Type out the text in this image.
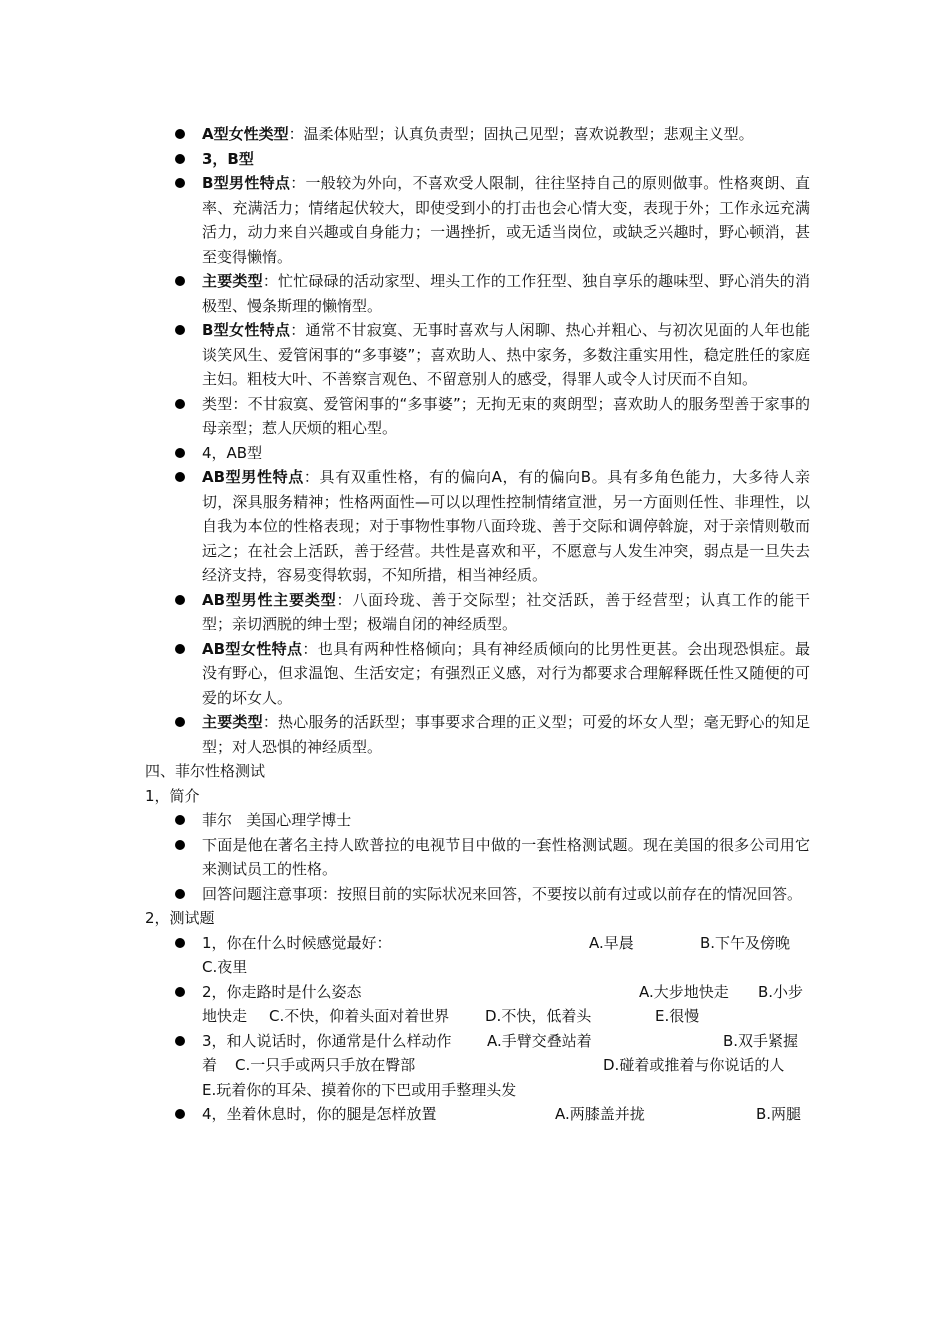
A型女性类型：温柔体贴型；认真负责型；固执己见型；喜欢说教型；悲观主义型。
3，B型
B型男性特点：一般较为外向，不喜欢受人限制，往往坚持自己的原则做事。性格爽朗、直率、充满活力；情绪起伏较大，即使受到小的打击也会心情大变，表现于外；工作永远充满活力，动力来自兴趣或自身能力；一遇挫折，或无适当岗位，或缺乏兴趣时，野心顿消，甚至变得懒惰。
主要类型：忙忙碌碌的活动家型、埋头工作的工作狂型、独自享乐的趣味型、野心消失的消极型、慢条斯理的懒惰型。
B型女性特点：通常不甘寂寞、无事时喜欢与人闲聊、热心并粗心、与初次见面的人年也能谈笑风生、爱管闲事的“多事婆”；喜欢助人、热中家务，多数注重实用性，稳定胜任的家庭主妇。粗枝大叶、不善察言观色、不留意别人的感受，得罪人或令人讨厌而不自知。
类型：不甘寂寞、爱管闲事的“多事婆”；无拘无束的爽朗型；喜欢助人的服务型善于家事的母亲型；惹人厌烦的粗心型。
4，AB型
AB型男性特点：具有双重性格，有的偏向A，有的偏向B。具有多角色能力，大多待人亲切，深具服务精神；性格两面性—可以以理性控制情绪宣泄，另一方面则任性、非理性，以自我为本位的性格表现；对于事物性事物八面玲珑、善于交际和调停斡旋，对于亲情则敬而远之；在社会上活跃，善于经营。共性是喜欢和平，不愿意与人发生冲突，弱点是一旦失去经济支持，容易变得软弱，不知所措，相当神经质。
AB型男性主要类型：八面玲珑、善于交际型；社交活跃，善于经营型；认真工作的能干型；亲切洒脱的绅士型；极端自闭的神经质型。
AB型女性特点：也具有两种性格倾向；具有神经质倾向的比男性更甚。会出现恐惧症。最没有野心，但求温饱、生活安定；有强烈正义感，对行为都要求合理解释既任性又随便的可爱的坏女人。
主要类型：热心服务的活跃型；事事要求合理的正义型；可爱的坏女人型；毫无野心的知足型；对人恐惧的神经质型。
四、菲尔性格测试
1，简介
菲尔   美国心理学博士
下面是他在著名主持人欧普拉的电视节目中做的一套性格测试题。现在美国的很多公司用它来测试员工的性格。
回答问题注意事项：按照目前的实际状况来回答，不要按以前有过或以前存在的情况回答。
2，测试题
1，你在什么时候感觉最好：	A.早晨	B.下午及傍晚
C.夜里
2，你走路时是什么姿态	A.大步地快走 B.小步
地快走 C.不快，仰着头面对着世界 D.不快，低着头	E.很慢
3，和人说话时，你通常是什么样动作 A.手臂交叠站着	B.双手紧握
着 C.一只手或两只手放在臀部	D.碰着或推着与你说话的人
E.玩着你的耳朵、摸着你的下巴或用手整理头发
4，坐着休息时，你的腿是怎样放置	A.两膝盖并拢	B.两腿
